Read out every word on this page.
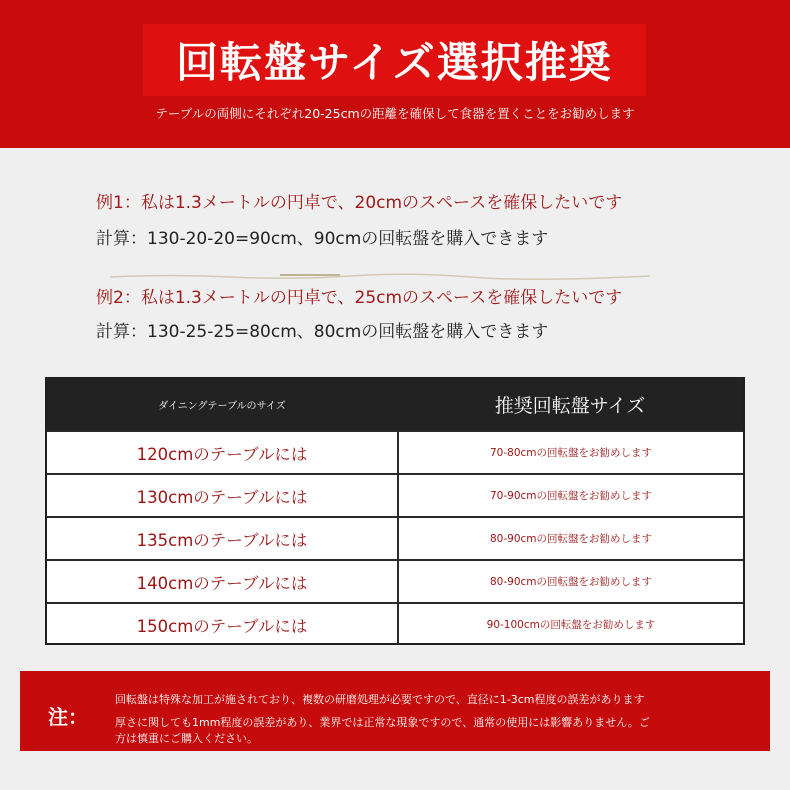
回転盤サイズ選択推奨
テーブルの両側にそれぞれ20-25cmの距離を確保して食器を置くことをお勧めします
例1：私は1.3メートルの円卓で、20cmのスペースを確保したいです
計算：130-20-20=90cm、90cmの回転盤を購入できます
例2：私は1.3メートルの円卓で、25cmのスペースを確保したいです
計算：130-25-25=80cm、80cmの回転盤を購入できます
ダイニングテーブルのサイズ	推奨回転盤サイズ
120cmのテーブルには	70-80cmの回転盤をお勧めします
130cmのテーブルには	70-90cmの回転盤をお勧めします
135cmのテーブルには	80-90cmの回転盤をお勧めします
140cmのテーブルには	80-90cmの回転盤をお勧めします
150cmのテーブルには	90-100cmの回転盤をお勧めします
注：
回転盤は特殊な加工が施されており、複数の研磨処理が必要ですので、直径に1-3cm程度の誤差があります
厚さに関しても1mm程度の誤差があり、業界では正常な現象ですので、通常の使用には影響ありません。ご
方は慎重にご購入ください。
